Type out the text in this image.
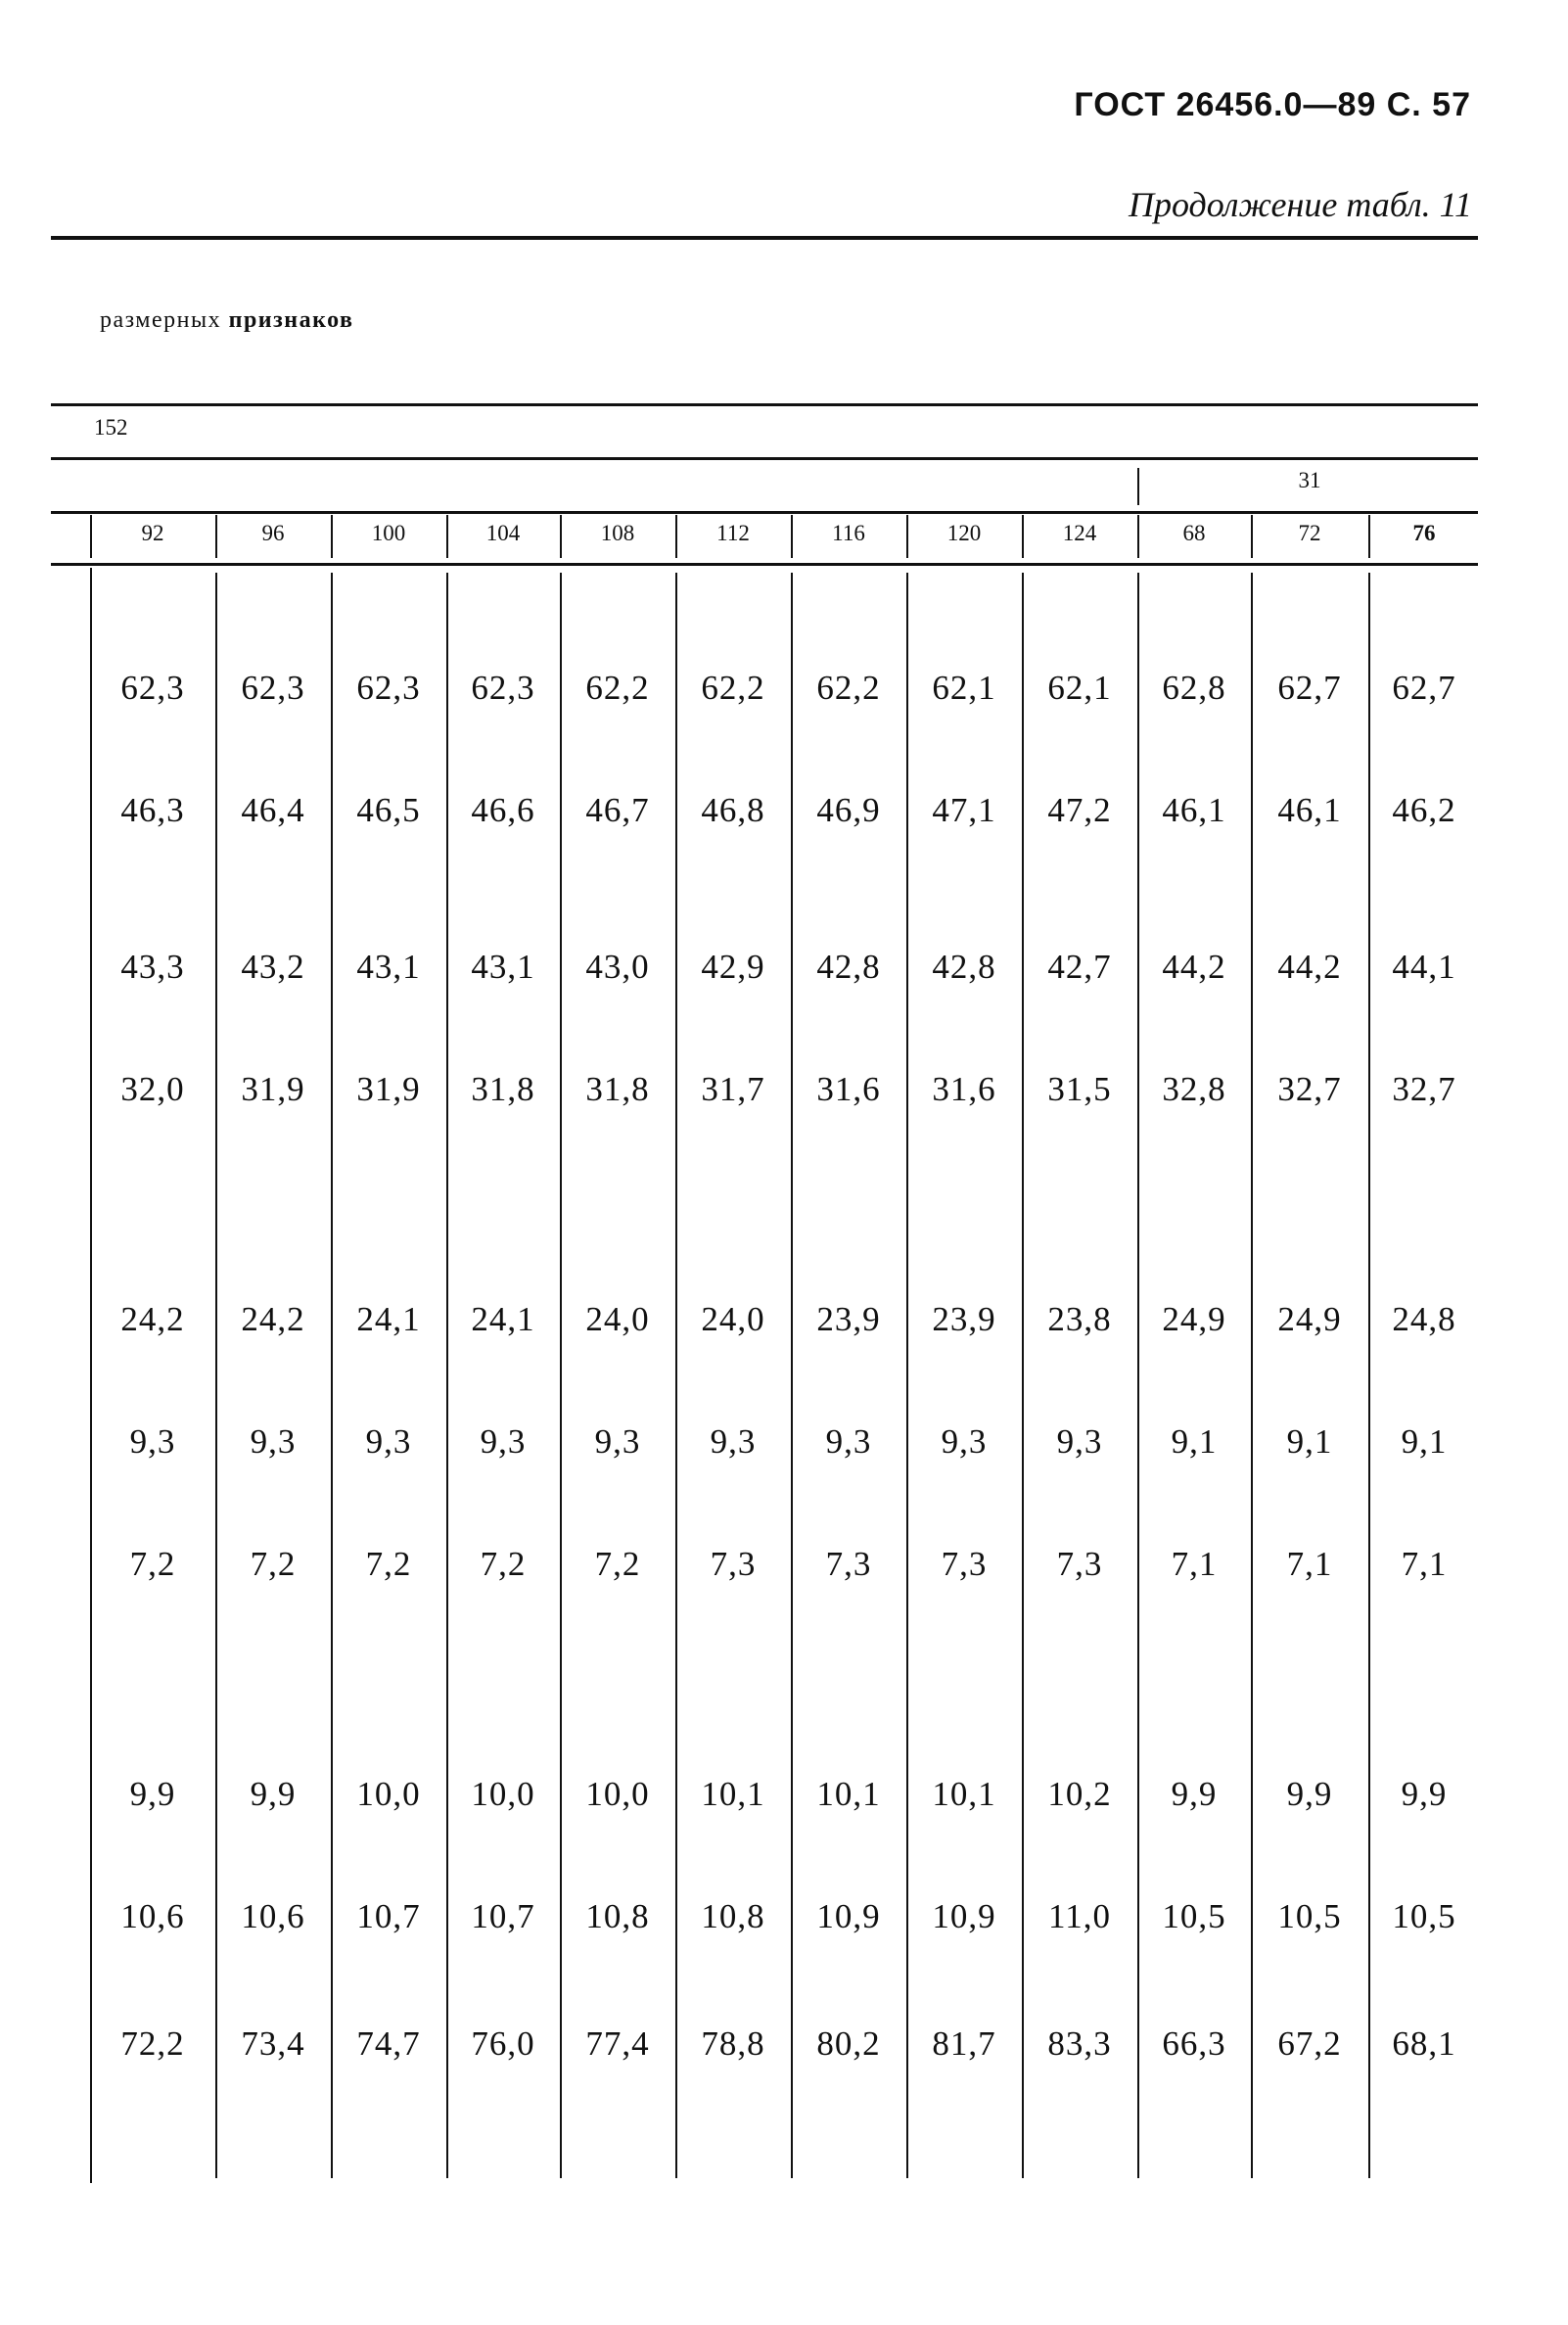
ГОСТ 26456.0—89 С. 57
Продолжение табл. 11
размерных признаков
152
31
92	96	100	104	108	112	116	120	124	68	72	76
62,3	62,3	62,3	62,3	62,2	62,2	62,2	62,1	62,1	62,8	62,7	62,7
46,3	46,4	46,5	46,6	46,7	46,8	46,9	47,1	47,2	46,1	46,1	46,2
43,3	43,2	43,1	43,1	43,0	42,9	42,8	42,8	42,7	44,2	44,2	44,1
32,0	31,9	31,9	31,8	31,8	31,7	31,6	31,6	31,5	32,8	32,7	32,7
24,2	24,2	24,1	24,1	24,0	24,0	23,9	23,9	23,8	24,9	24,9	24,8
9,3	9,3	9,3	9,3	9,3	9,3	9,3	9,3	9,3	9,1	9,1	9,1
7,2	7,2	7,2	7,2	7,2	7,3	7,3	7,3	7,3	7,1	7,1	7,1
9,9	9,9	10,0	10,0	10,0	10,1	10,1	10,1	10,2	9,9	9,9	9,9
10,6	10,6	10,7	10,7	10,8	10,8	10,9	10,9	11,0	10,5	10,5	10,5
72,2	73,4	74,7	76,0	77,4	78,8	80,2	81,7	83,3	66,3	67,2	68,1
